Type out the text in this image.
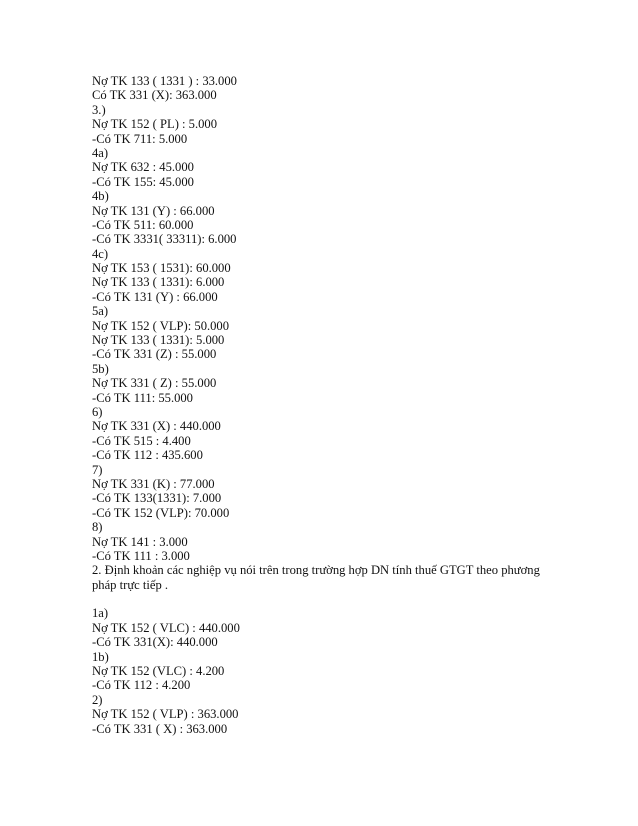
Nợ TK 133 ( 1331 ) : 33.000
Có TK 331 (X): 363.000
3.)
Nợ TK 152 ( PL) : 5.000
-Có TK 711: 5.000
4a)
Nợ TK 632 : 45.000
-Có TK 155: 45.000
4b)
Nợ TK 131 (Y) : 66.000
-Có TK 511: 60.000
-Có TK 3331( 33311): 6.000
4c)
Nợ TK 153 ( 1531): 60.000
Nợ TK 133 ( 1331): 6.000
-Có TK 131 (Y) : 66.000
5a)
Nợ TK 152 ( VLP): 50.000
Nợ TK 133 ( 1331): 5.000
-Có TK 331 (Z) : 55.000
5b)
Nợ TK 331 ( Z) : 55.000
-Có TK 111: 55.000
6)
Nợ TK 331 (X) : 440.000
-Có TK 515 : 4.400
-Có TK 112 : 435.600
7)
Nợ TK 331 (K) : 77.000
-Có TK 133(1331): 7.000
-Có TK 152 (VLP): 70.000
8)
Nợ TK 141 : 3.000
-Có TK 111 : 3.000
2. Định khoản các nghiệp vụ nói trên trong trường hợp DN tính thuế GTGT theo phương pháp trực tiếp .
1a)
Nợ TK 152 ( VLC) : 440.000
-Có TK 331(X): 440.000
1b)
Nợ TK 152 (VLC) : 4.200
-Có TK 112 : 4.200
2)
Nợ TK 152 ( VLP) : 363.000
-Có TK 331 ( X) : 363.000
